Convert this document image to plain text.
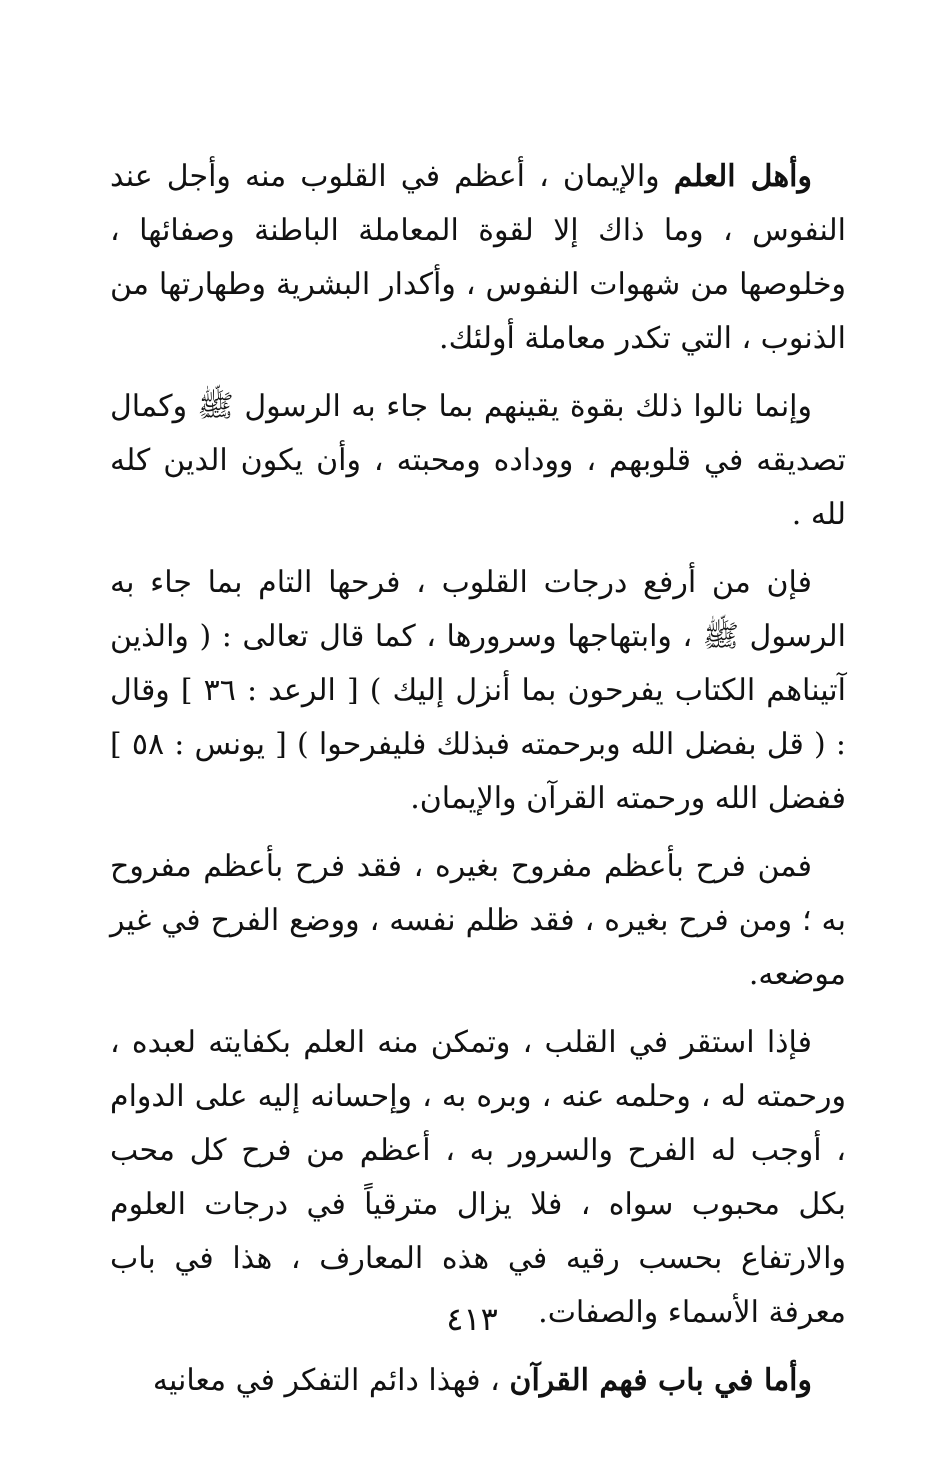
وأهل العلم والإيمان ، أعظم في القلوب منه وأجل عند النفوس ، وما ذاك إلا لقوة المعاملة الباطنة وصفائها ، وخلوصها من شهوات النفوس ، وأكدار البشرية وطهارتها من الذنوب ، التي تكدر معاملة أولئك.

وإنما نالوا ذلك بقوة يقينهم بما جاء به الرسول ﷺ وكمال تصديقه في قلوبهم ، ووداده ومحبته ، وأن يكون الدين كله لله .

فإن من أرفع درجات القلوب ، فرحها التام بما جاء به الرسول ﷺ ، وابتهاجها وسرورها ، كما قال تعالى : ( والذين آتيناهم الكتاب يفرحون بما أنزل إليك ) [ الرعد : ٣٦ ] وقال : ( قل بفضل الله وبرحمته فبذلك فليفرحوا ) [ يونس : ٥٨ ] ففضل الله ورحمته القرآن والإيمان.

فمن فرح بأعظم مفروح بغيره ، فقد فرح بأعظم مفروح به ؛ ومن فرح بغيره ، فقد ظلم نفسه ، ووضع الفرح في غير موضعه.

فإذا استقر في القلب ، وتمكن منه العلم بكفايته لعبده ، ورحمته له ، وحلمه عنه ، وبره به ، وإحسانه إليه على الدوام ، أوجب له الفرح والسرور به ، أعظم من فرح كل محب بكل محبوب سواه ، فلا يزال مترقياً في درجات العلوم والارتفاع بحسب رقيه في هذه المعارف ، هذا في باب معرفة الأسماء والصفات.

وأما في باب فهم القرآن ، فهذا دائم التفكر في معانيه

٤١٣
